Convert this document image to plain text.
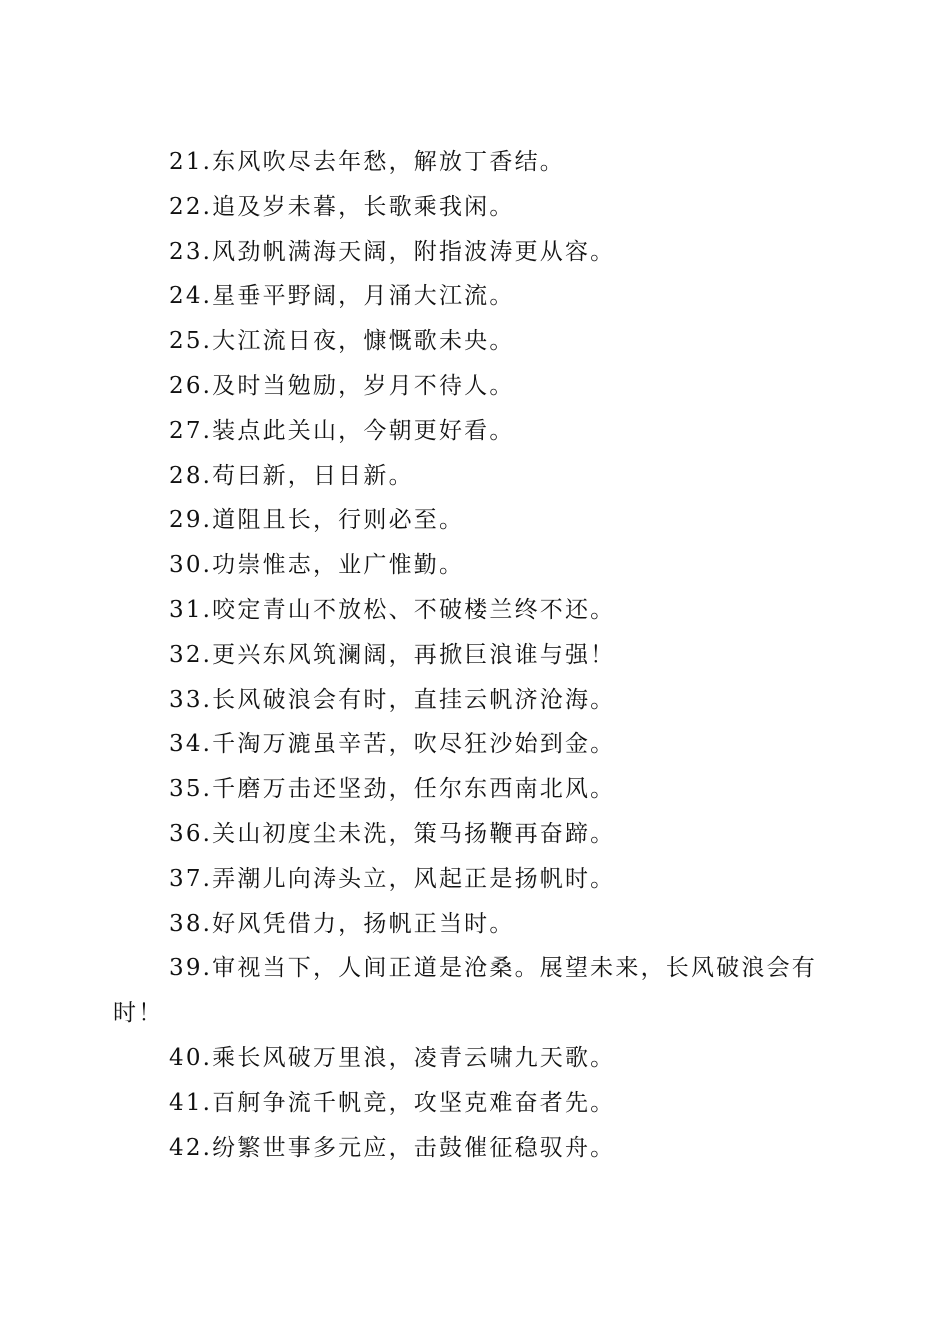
21.东风吹尽去年愁，解放丁香结。
22.追及岁未暮，长歌乘我闲。
23.风劲帆满海天阔，附指波涛更从容。
24.星垂平野阔，月涌大江流。
25.大江流日夜，慷慨歌未央。
26.及时当勉励，岁月不待人。
27.装点此关山，今朝更好看。
28.苟曰新，日日新。
29.道阻且长，行则必至。
30.功崇惟志，业广惟勤。
31.咬定青山不放松、不破楼兰终不还。
32.更兴东风筑澜阔，再掀巨浪谁与强！
33.长风破浪会有时，直挂云帆济沧海。
34.千淘万漉虽辛苦，吹尽狂沙始到金。
35.千磨万击还坚劲，任尔东西南北风。
36.关山初度尘未洗，策马扬鞭再奋蹄。
37.弄潮儿向涛头立，风起正是扬帆时。
38.好风凭借力，扬帆正当时。
39.审视当下，人间正道是沧桑。展望未来，长风破浪会有时！
40.乘长风破万里浪，凌青云啸九天歌。
41.百舸争流千帆竞，攻坚克难奋者先。
42.纷繁世事多元应，击鼓催征稳驭舟。
